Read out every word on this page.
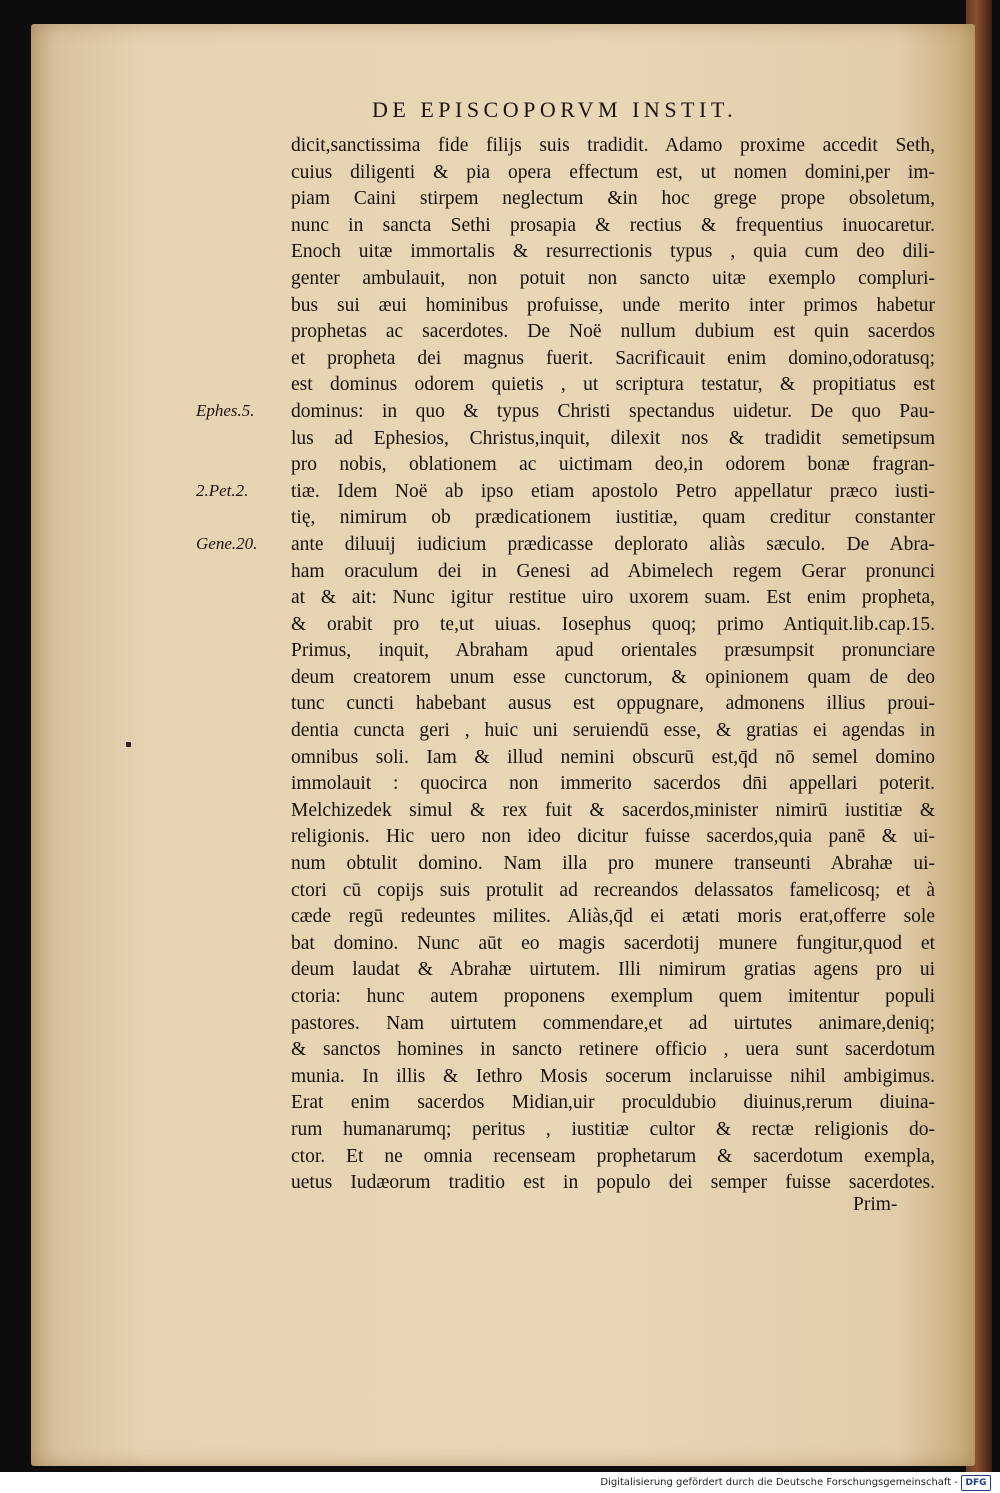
DE EPISCOPORVM INSTIT.
dicit,sanctissima fide filijs suis tradidit. Adamo proxime accedit Seth,
cuius diligenti & pia opera effectum est, ut nomen domini,per im-
piam Caini stirpem neglectum &in hoc grege prope obsoletum,
nunc in sancta Sethi prosapia & rectius & frequentius inuocaretur.
Enoch uitæ immortalis & resurrectionis typus , quia cum deo dili-
genter ambulauit, non potuit non sancto uitæ exemplo compluri-
bus sui æui hominibus profuisse, unde merito inter primos habetur
prophetas ac sacerdotes. De Noë nullum dubium est quin sacerdos
et propheta dei magnus fuerit. Sacrificauit enim domino,odoratusq;
est dominus odorem quietis , ut scriptura testatur, & propitiatus est
dominus: in quo & typus Christi spectandus uidetur. De quo Pau-
lus ad Ephesios, Christus,inquit, dilexit nos & tradidit semetipsum
pro nobis, oblationem ac uictimam deo,in odorem bonæ fragran-
tiæ. Idem Noë ab ipso etiam apostolo Petro appellatur præco iusti-
tię, nimirum ob prædicationem iustitiæ, quam creditur constanter
ante diluuij iudicium prædicasse deplorato aliàs sæculo. De Abra-
ham oraculum dei in Genesi ad Abimelech regem Gerar pronunci
at & ait: Nunc igitur restitue uiro uxorem suam. Est enim propheta,
& orabit pro te,ut uiuas. Iosephus quoq; primo Antiquit.lib.cap.15.
Primus, inquit, Abraham apud orientales præsumpsit pronunciare
deum creatorem unum esse cunctorum, & opinionem quam de deo
tunc cuncti habebant ausus est oppugnare, admonens illius proui-
dentia cuncta geri , huic uni seruiendū esse, & gratias ei agendas in
omnibus soli. Iam & illud nemini obscurū est,q̄d nō semel domino
immolauit : quocirca non immerito sacerdos dn̄i appellari poterit.
Melchizedek simul & rex fuit & sacerdos,minister nimirū iustitiæ &
religionis. Hic uero non ideo dicitur fuisse sacerdos,quia panē & ui-
num obtulit domino. Nam illa pro munere transeunti Abrahæ ui-
ctori cū copijs suis protulit ad recreandos delassatos famelicosq; et à
cæde regū redeuntes milites. Aliàs,q̄d ei ætati moris erat,offerre sole
bat domino. Nunc aūt eo magis sacerdotij munere fungitur,quod et
deum laudat & Abrahæ uirtutem. Illi nimirum gratias agens pro ui
ctoria: hunc autem proponens exemplum quem imitentur populi
pastores. Nam uirtutem commendare,et ad uirtutes animare,deniq;
& sanctos homines in sancto retinere officio , uera sunt sacerdotum
munia. In illis & Iethro Mosis socerum inclaruisse nihil ambigimus.
Erat enim sacerdos Midian,uir proculdubio diuinus,rerum diuina-
rum humanarumq; peritus , iustitiæ cultor & rectæ religionis do-
ctor. Et ne omnia recenseam prophetarum & sacerdotum exempla,
uetus Iudæorum traditio est in populo dei semper fuisse sacerdotes.
Ephes.5.
2.Pet.2.
Gene.20.
Prim-
Digitalisierung gefördert durch die Deutsche Forschungsgemeinschaft - DFG
